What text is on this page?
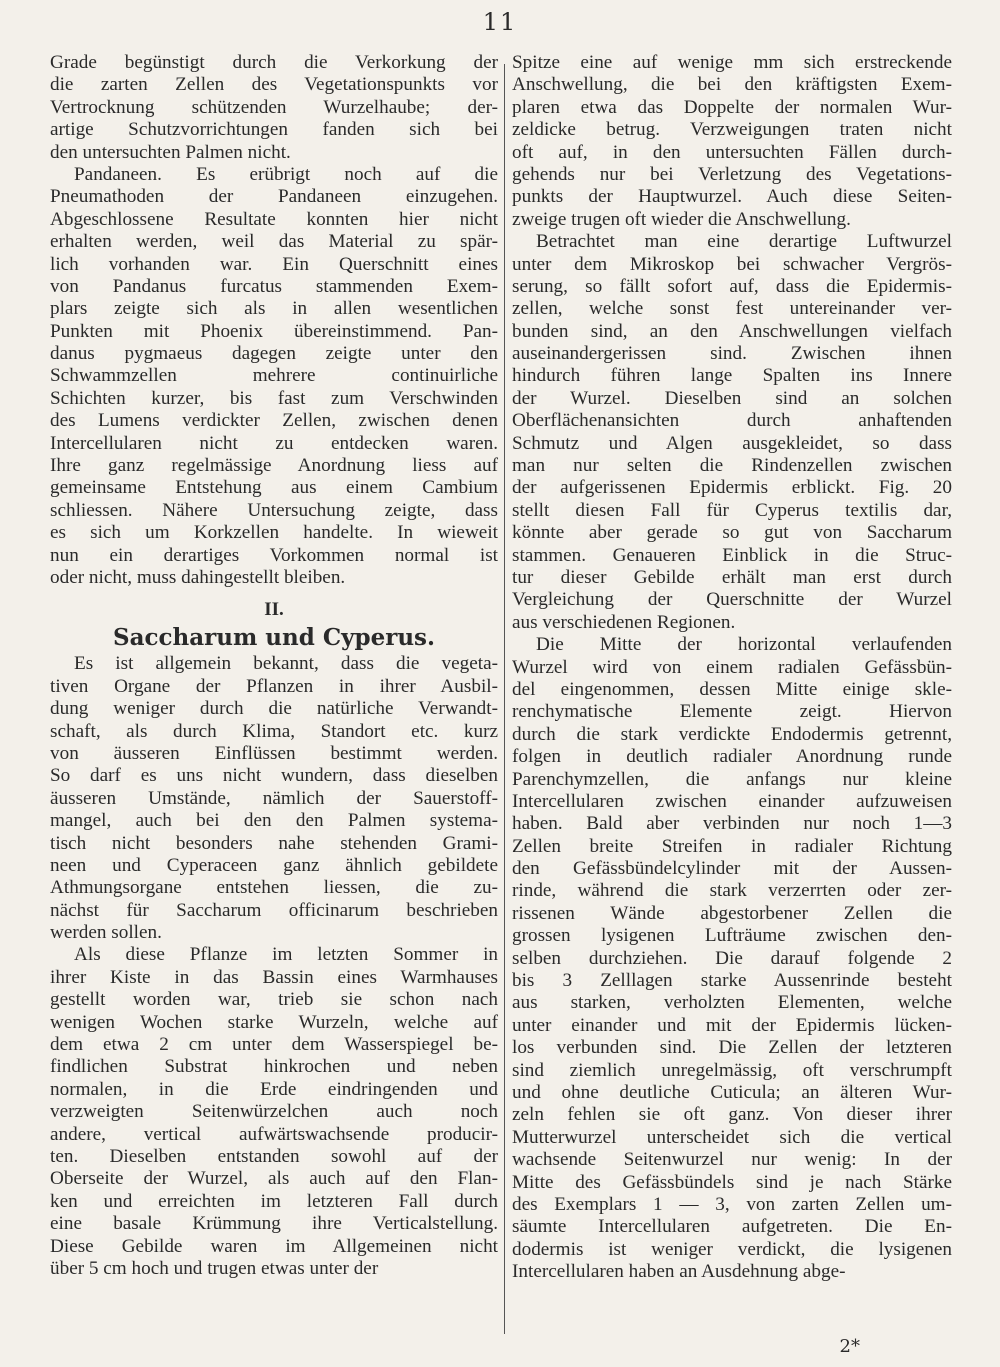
11
Grade begünstigt durch die Verkorkung der
die zarten Zellen des Vegetationspunkts vor
Vertrocknung schützenden Wurzelhaube; der-
artige Schutzvorrichtungen fanden sich bei
den untersuchten Palmen nicht.
Pandaneen. Es erübrigt noch auf die
Pneumathoden der Pandaneen einzugehen.
Abgeschlossene Resultate konnten hier nicht
erhalten werden, weil das Material zu spär-
lich vorhanden war. Ein Querschnitt eines
von Pandanus furcatus stammenden Exem-
plars zeigte sich als in allen wesentlichen
Punkten mit Phoenix übereinstimmend. Pan-
danus pygmaeus dagegen zeigte unter den
Schwammzellen mehrere continuirliche
Schichten kurzer, bis fast zum Verschwinden
des Lumens verdickter Zellen, zwischen denen
Intercellularen nicht zu entdecken waren.
Ihre ganz regelmässige Anordnung liess auf
gemeinsame Entstehung aus einem Cambium
schliessen. Nähere Untersuchung zeigte, dass
es sich um Korkzellen handelte. In wieweit
nun ein derartiges Vorkommen normal ist
oder nicht, muss dahingestellt bleiben.
II.
Saccharum und Cyperus.
Es ist allgemein bekannt, dass die vegeta-
tiven Organe der Pflanzen in ihrer Ausbil-
dung weniger durch die natürliche Verwandt-
schaft, als durch Klima, Standort etc. kurz
von äusseren Einflüssen bestimmt werden.
So darf es uns nicht wundern, dass dieselben
äusseren Umstände, nämlich der Sauerstoff-
mangel, auch bei den den Palmen systema-
tisch nicht besonders nahe stehenden Grami-
neen und Cyperaceen ganz ähnlich gebildete
Athmungsorgane entstehen liessen, die zu-
nächst für Saccharum officinarum beschrieben
werden sollen.
Als diese Pflanze im letzten Sommer in
ihrer Kiste in das Bassin eines Warmhauses
gestellt worden war, trieb sie schon nach
wenigen Wochen starke Wurzeln, welche auf
dem etwa 2 cm unter dem Wasserspiegel be-
findlichen Substrat hinkrochen und neben
normalen, in die Erde eindringenden und
verzweigten Seitenwürzelchen auch noch
andere, vertical aufwärtswachsende producir-
ten. Dieselben entstanden sowohl auf der
Oberseite der Wurzel, als auch auf den Flan-
ken und erreichten im letzteren Fall durch
eine basale Krümmung ihre Verticalstellung.
Diese Gebilde waren im Allgemeinen nicht
über 5 cm hoch und trugen etwas unter der
Spitze eine auf wenige mm sich erstreckende
Anschwellung, die bei den kräftigsten Exem-
plaren etwa das Doppelte der normalen Wur-
zeldicke betrug. Verzweigungen traten nicht
oft auf, in den untersuchten Fällen durch-
gehends nur bei Verletzung des Vegetations-
punkts der Hauptwurzel. Auch diese Seiten-
zweige trugen oft wieder die Anschwellung.
Betrachtet man eine derartige Luftwurzel
unter dem Mikroskop bei schwacher Vergrös-
serung, so fällt sofort auf, dass die Epidermis-
zellen, welche sonst fest untereinander ver-
bunden sind, an den Anschwellungen vielfach
auseinandergerissen sind. Zwischen ihnen
hindurch führen lange Spalten ins Innere
der Wurzel. Dieselben sind an solchen
Oberflächenansichten durch anhaftenden
Schmutz und Algen ausgekleidet, so dass
man nur selten die Rindenzellen zwischen
der aufgerissenen Epidermis erblickt. Fig. 20
stellt diesen Fall für Cyperus textilis dar,
könnte aber gerade so gut von Saccharum
stammen. Genaueren Einblick in die Struc-
tur dieser Gebilde erhält man erst durch
Vergleichung der Querschnitte der Wurzel
aus verschiedenen Regionen.
Die Mitte der horizontal verlaufenden
Wurzel wird von einem radialen Gefässbün-
del eingenommen, dessen Mitte einige skle-
renchymatische Elemente zeigt. Hiervon
durch die stark verdickte Endodermis getrennt,
folgen in deutlich radialer Anordnung runde
Parenchymzellen, die anfangs nur kleine
Intercellularen zwischen einander aufzuweisen
haben. Bald aber verbinden nur noch 1—3
Zellen breite Streifen in radialer Richtung
den Gefässbündelcylinder mit der Aussen-
rinde, während die stark verzerrten oder zer-
rissenen Wände abgestorbener Zellen die
grossen lysigenen Lufträume zwischen den-
selben durchziehen. Die darauf folgende 2
bis 3 Zelllagen starke Aussenrinde besteht
aus starken, verholzten Elementen, welche
unter einander und mit der Epidermis lücken-
los verbunden sind. Die Zellen der letzteren
sind ziemlich unregelmässig, oft verschrumpft
und ohne deutliche Cuticula; an älteren Wur-
zeln fehlen sie oft ganz. Von dieser ihrer
Mutterwurzel unterscheidet sich die vertical
wachsende Seitenwurzel nur wenig: In der
Mitte des Gefässbündels sind je nach Stärke
des Exemplars 1 — 3, von zarten Zellen um-
säumte Intercellularen aufgetreten. Die En-
dodermis ist weniger verdickt, die lysigenen
Intercellularen haben an Ausdehnung abge-
2*
